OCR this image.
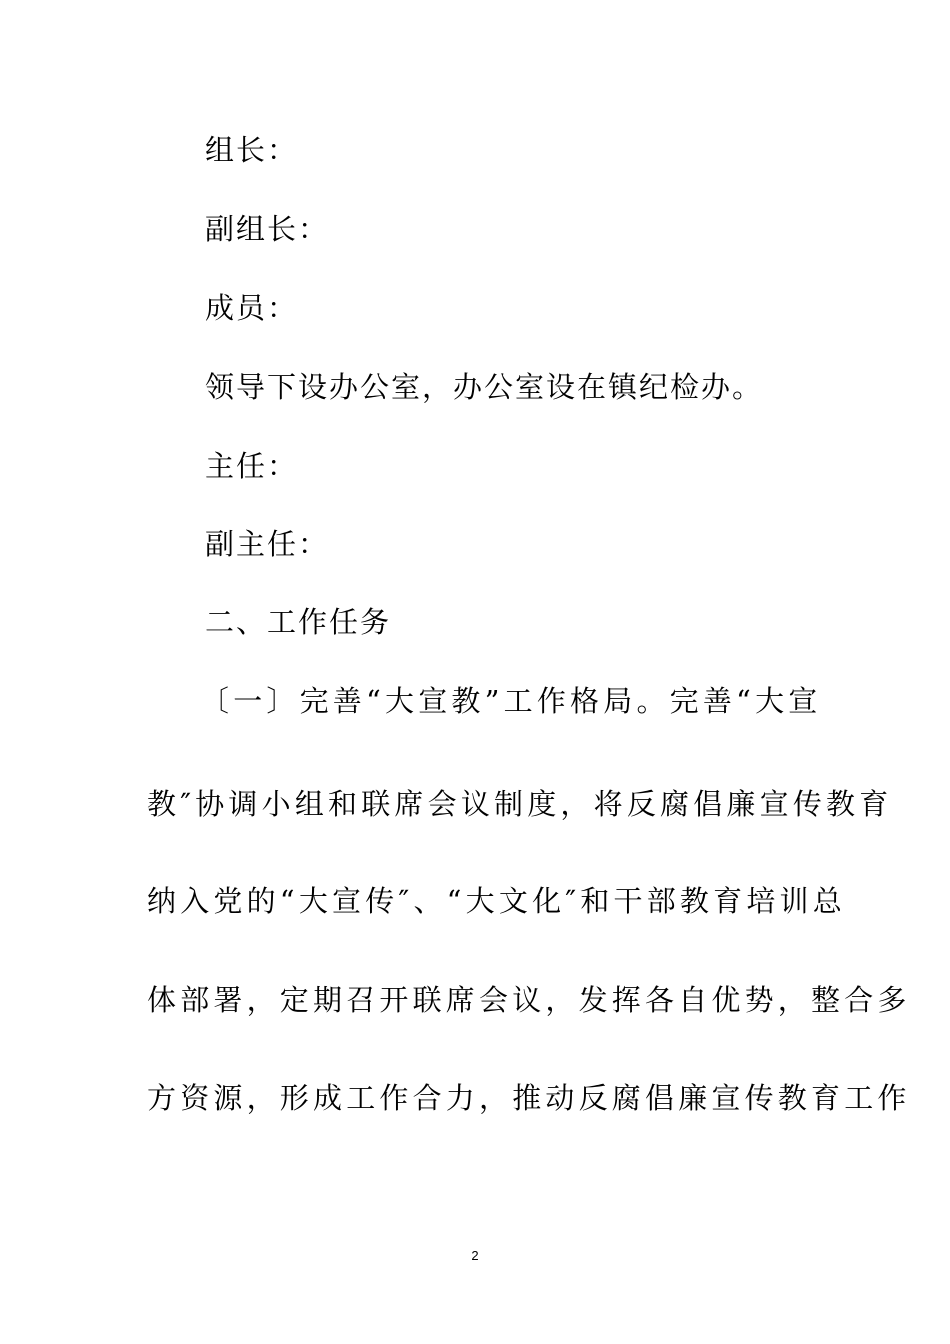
组长：
副组长：
成员：
领导下设办公室，办公室设在镇纪检办。
主任：
副主任：
二、工作任务
〔一〕完善“大宣教”工作格局。完善“大宣
教″协调小组和联席会议制度，将反腐倡廉宣传教育
纳入党的“大宣传″、“大文化″和干部教育培训总
体部署，定期召开联席会议，发挥各自优势，整合多
方资源，形成工作合力，推动反腐倡廉宣传教育工作
2
